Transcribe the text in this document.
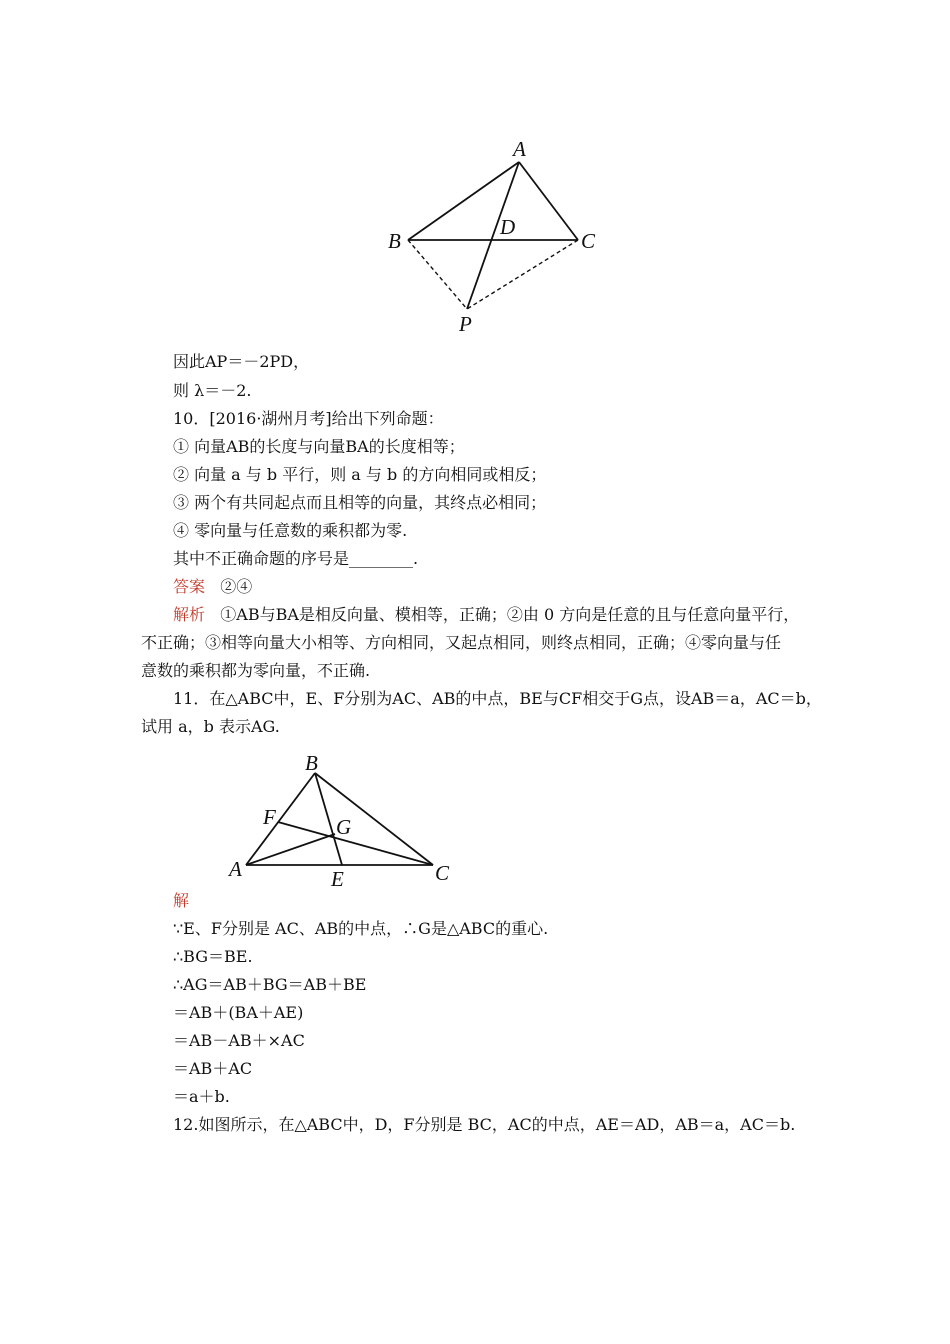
A
B	C
D
P
因此AP＝－2PD，
则 λ＝－2.
10．[2016·湖州月考]给出下列命题：
① 向量AB的长度与向量BA的长度相等；
② 向量 a 与 b 平行，则 a 与 b 的方向相同或相反；
③ 两个有共同起点而且相等的向量，其终点必相同；
④ 零向量与任意数的乘积都为零.
其中不正确命题的序号是________.
答案 ②④
解析 ①AB与BA是相反向量、模相等，正确；②由 0 方向是任意的且与任意向量平行，
不正确；③相等向量大小相等、方向相同，又起点相同，则终点相同，正确；④零向量与任
意数的乘积都为零向量，不正确.
11．在△ABC中，E、F分别为AC、AB的中点，BE与CF相交于G点，设AB＝a，AC＝b，
试用 a，b 表示AG.
B
F	G
A	E	C
解
∵E、F分别是 AC、AB的中点，∴G是△ABC的重心.
∴BG＝BE.
∴AG＝AB＋BG＝AB＋BE
＝AB＋(BA＋AE)
＝AB－AB＋×AC
＝AB＋AC
＝a＋b.
12.如图所示，在△ABC中，D，F分别是 BC，AC的中点，AE＝AD，AB＝a，AC＝b.
